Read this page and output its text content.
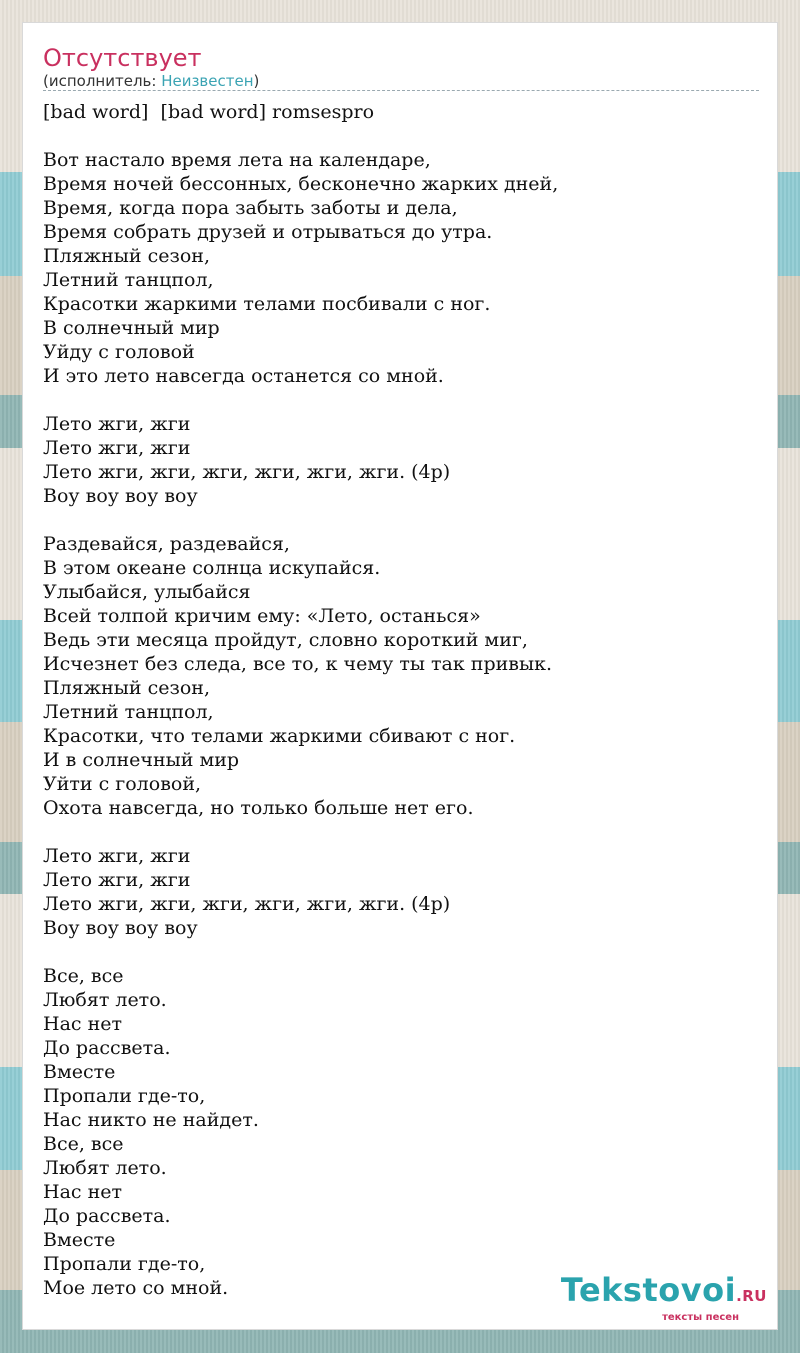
Отсутствует
(исполнитель: Неизвестен)
[bad word]  [bad word] romsespro

Вот настало время лета на календаре,
Время ночей бессонных, бесконечно жарких дней,
Время, когда пора забыть заботы и дела,
Время собрать друзей и отрываться до утра.
Пляжный сезон,
Летний танцпол,
Красотки жаркими телами посбивали с ног.
В солнечный мир
Уйду с головой
И это лето навсегда останется со мной.

Лето жги, жги
Лето жги, жги
Лето жги, жги, жги, жги, жги, жги. (4р)
Воу воу воу воу

Раздевайся, раздевайся,
В этом океане солнца искупайся.
Улыбайся, улыбайся
Всей толпой кричим ему: «Лето, останься»
Ведь эти месяца пройдут, словно короткий миг,
Исчезнет без следа, все то, к чему ты так привык.
Пляжный сезон,
Летний танцпол,
Красотки, что телами жаркими сбивают с ног.
И в солнечный мир
Уйти с головой,
Охота навсегда, но только больше нет его.

Лето жги, жги
Лето жги, жги
Лето жги, жги, жги, жги, жги, жги. (4р)
Воу воу воу воу

Все, все
Любят лето.
Нас нет
До рассвета.
Вместе
Пропали где-то,
Нас никто не найдет.
Все, все
Любят лето.
Нас нет
До рассвета.
Вместе
Пропали где-то,
Мое лето со мной.	Tekstovoi.RU
тексты песен
